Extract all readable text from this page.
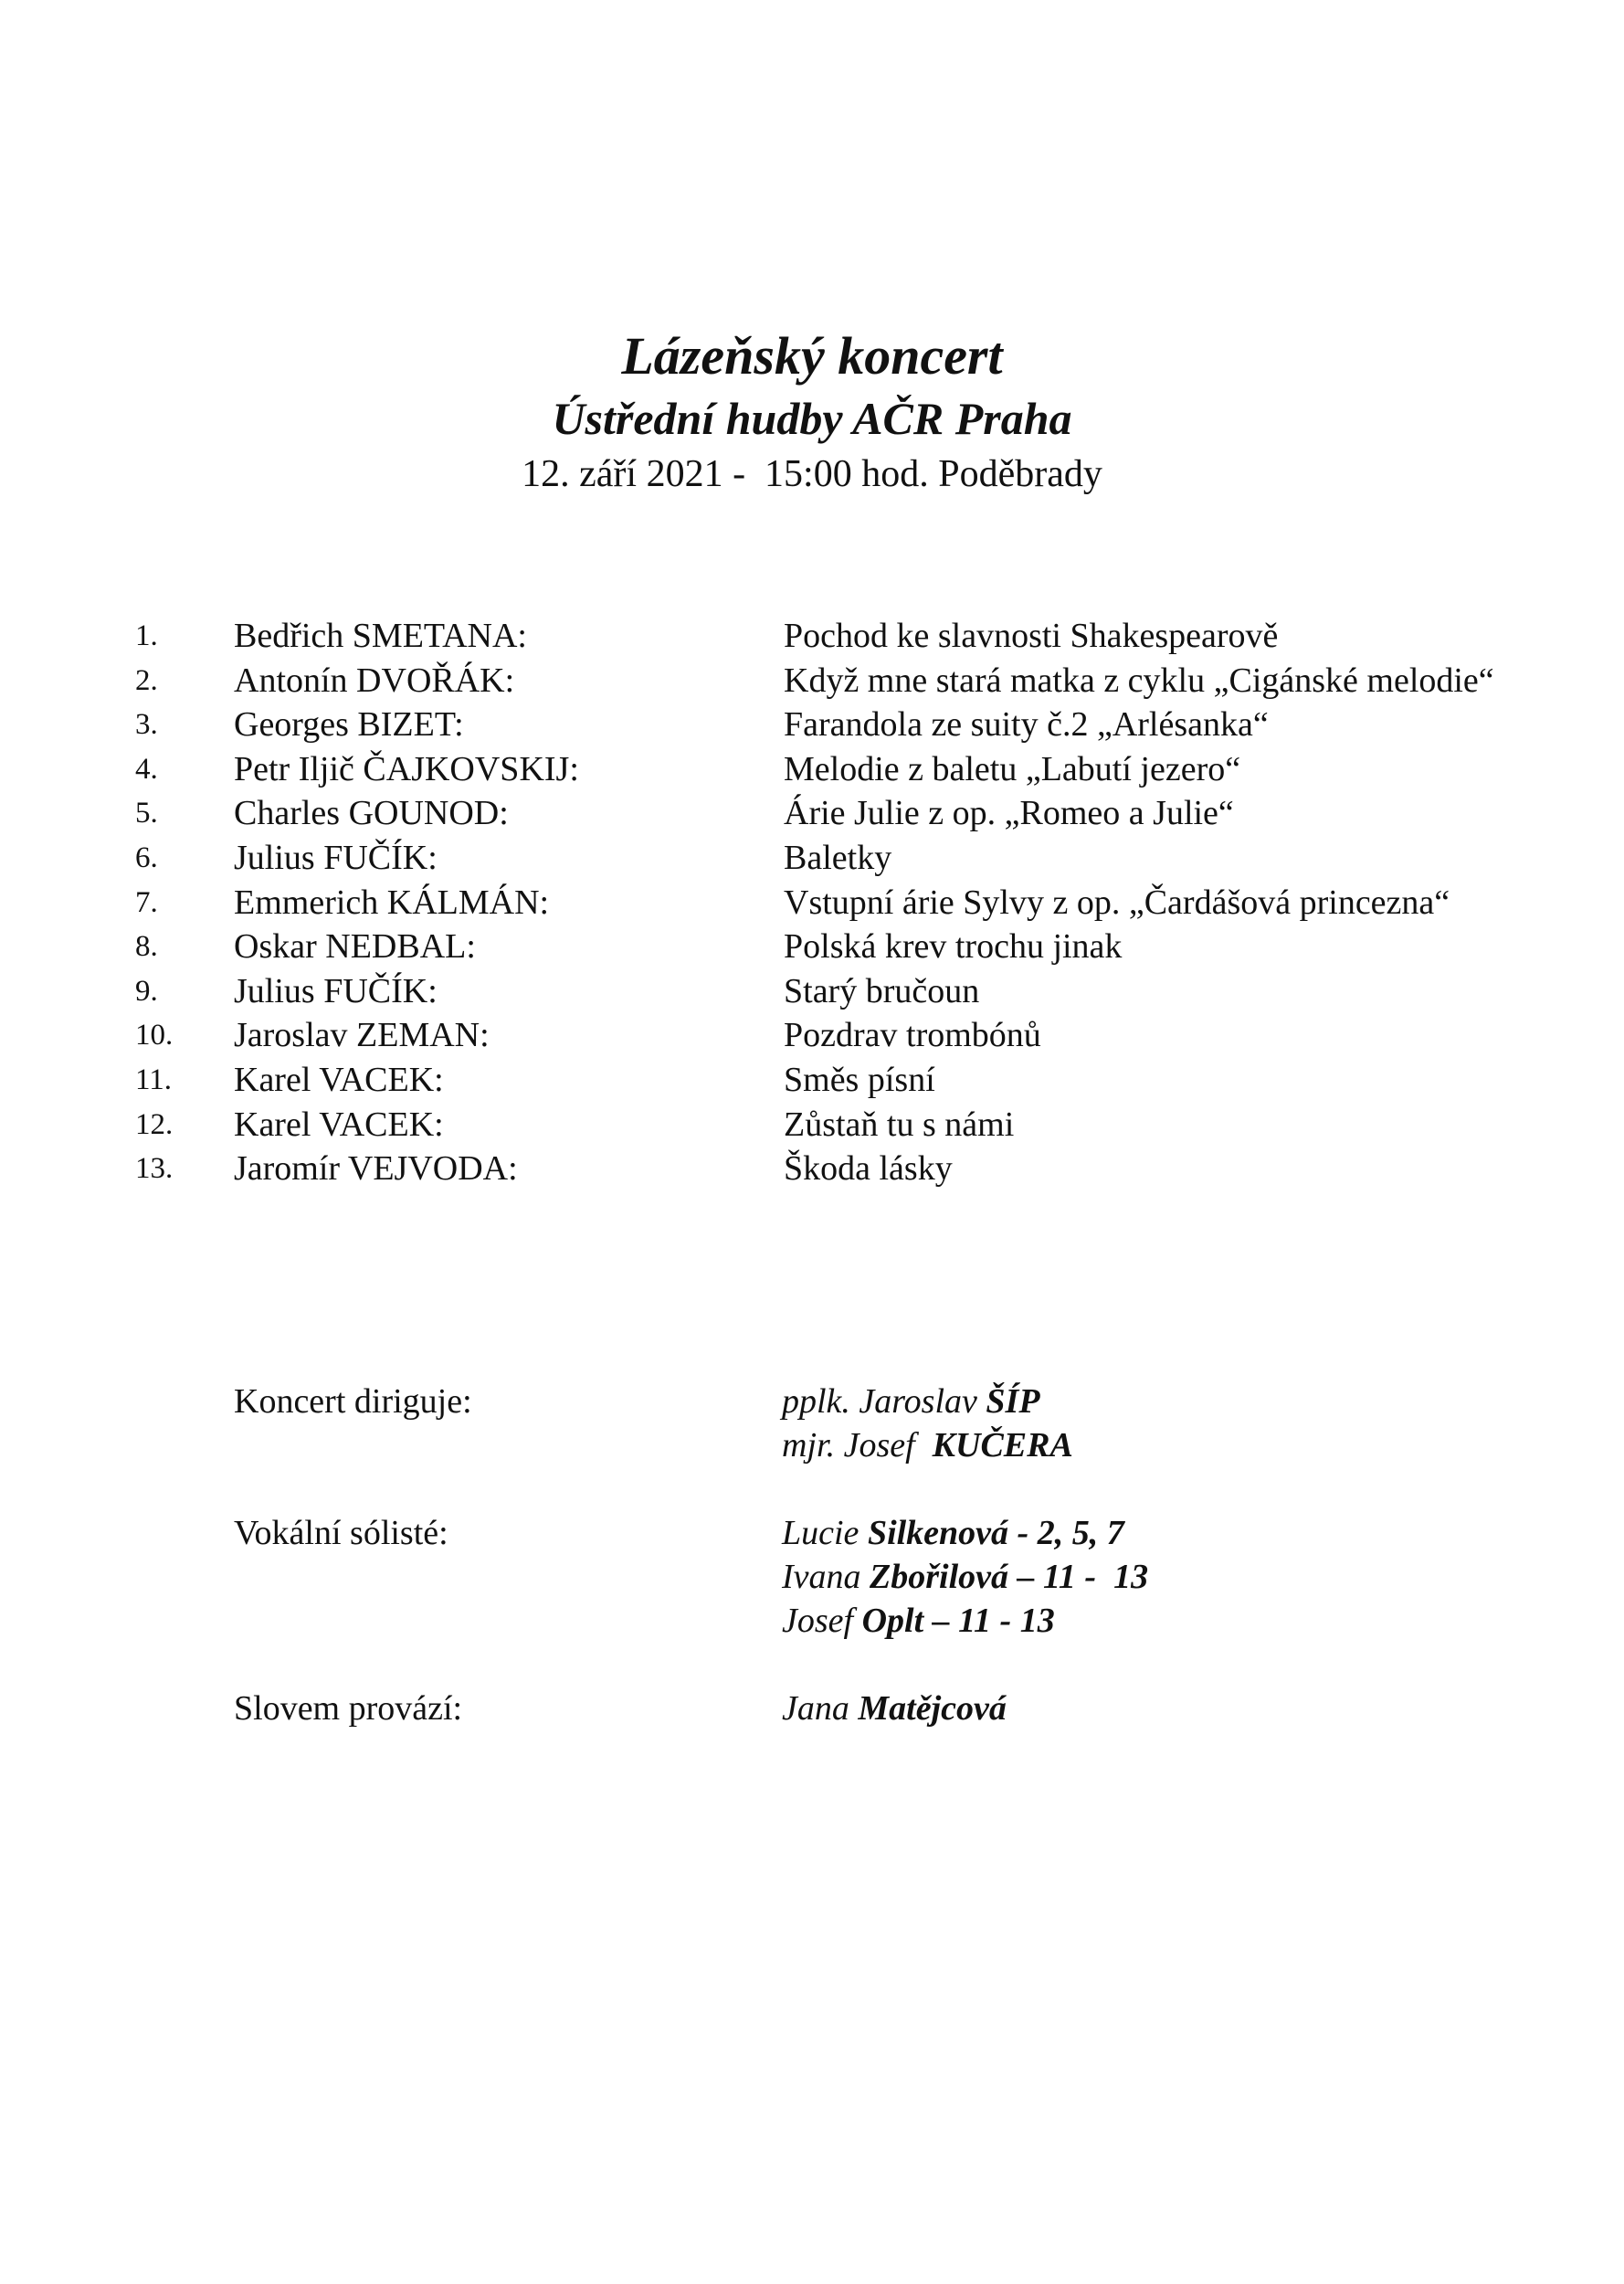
Lázeňský koncert
Ústřední hudby AČR Praha
12. září 2021 -  15:00 hod. Poděbrady
1. Bedřich SMETANA:	Pochod ke slavnosti Shakespearově
2. Antonín DVOŘÁK:	Když mne stará matka z cyklu „Cigánské melodie“
3. Georges BIZET:	Farandola ze suity č.2 „Arlésanka“
4. Petr Iljič ČAJKOVSKIJ:	Melodie z baletu „Labutí jezero“
5. Charles GOUNOD:	Árie Julie z op. „Romeo a Julie“
6. Julius FUČÍK:	Baletky
7. Emmerich KÁLMÁN:	Vstupní árie Sylvy z op. „Čardášová princezna“
8. Oskar NEDBAL:	Polská krev trochu jinak
9. Julius FUČÍK:	Starý bručoun
10. Jaroslav ZEMAN:	Pozdrav trombónů
11. Karel VACEK:	Směs písní
12. Karel VACEK:	Zůstaň tu s námi
13. Jaromír VEJVODA:	Škoda lásky
Koncert diriguje:	pplk. Jaroslav ŠÍP
mjr. Josef  KUČERA
Vokální sólisté:	Lucie Silkenová - 2, 5, 7
Ivana Zbořilová – 11 -  13
Josef Oplt – 11 - 13
Slovem provází:	Jana Matějcová
